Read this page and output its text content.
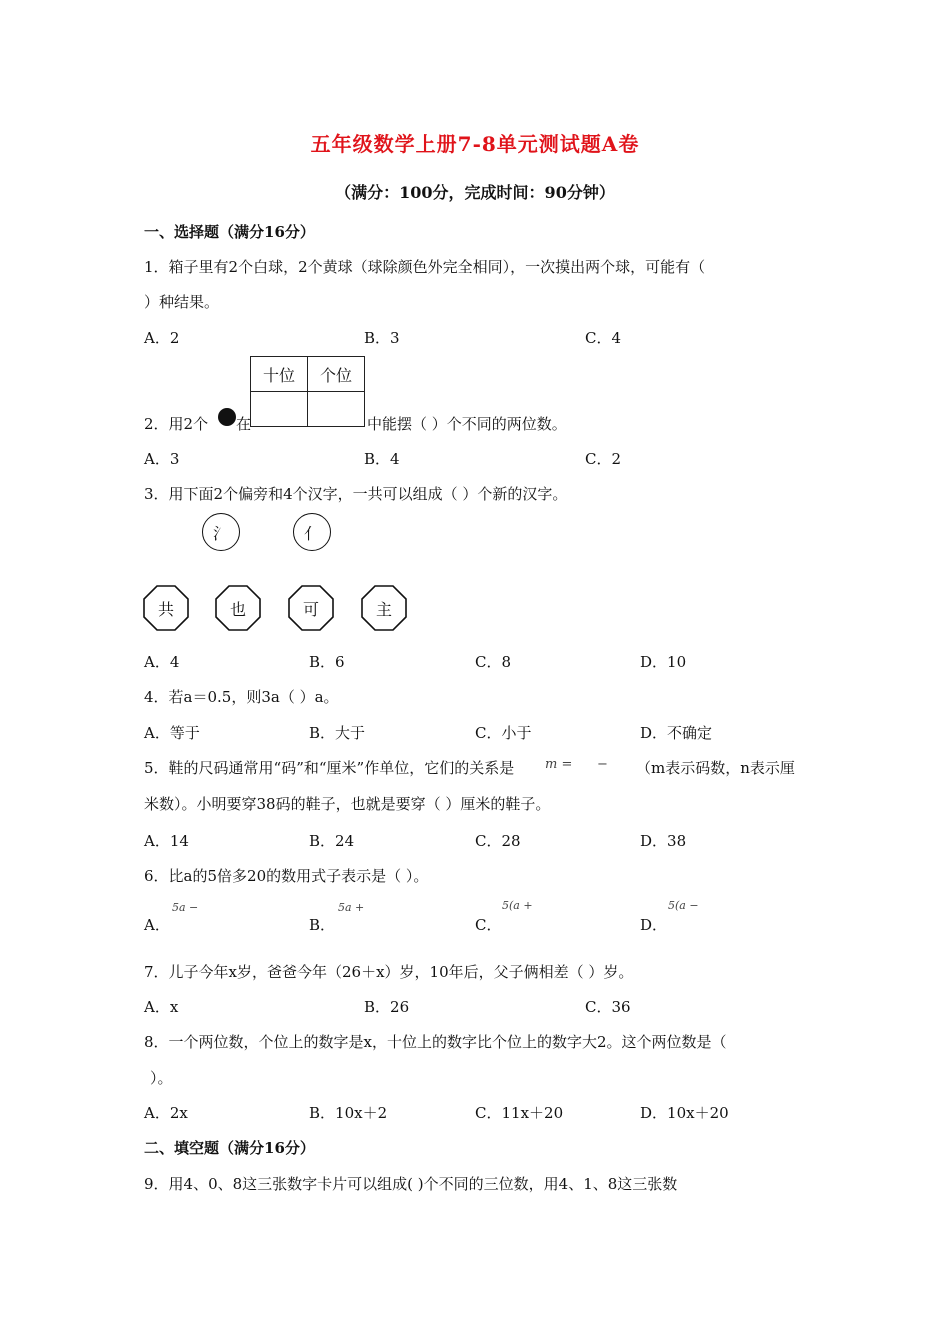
五年级数学上册7-8单元测试题A卷
（满分：100分，完成时间：90分钟）
一、选择题（满分16分）
1．箱子里有2个白球，2个黄球（球除颜色外完全相同），一次摸出两个球，可能有（
）种结果。
A．2	B．3	C．4
十位	个位

2．用2个 在	中能摆（ ）个不同的两位数。
A．3	B．4	C．2
3．用下面2个偏旁和4个汉字，一共可以组成（ ）个新的汉字。
氵	亻
共	也	可	主
A．4	B．6	C．8	D．10
4．若a＝0.5，则3a（ ）a。
A．等于	B．大于	C．小于	D．不确定
5．鞋的尺码通常用“码”和“厘米”作单位，它们的关系是 m = − （m表示码数，n表示厘
米数）。小明要穿38码的鞋子，也就是要穿（ ）厘米的鞋子。
A．14	B．24	C．28	D．38
6．比a的5倍多20的数用式子表示是（ ）。
A．
5a −
B．
5a +
C．
5(a +
D．
5(a −
7．儿子今年x岁，爸爸今年（26＋x）岁，10年后，父子俩相差（ ）岁。
A．x	B．26	C．36
8．一个两位数，个位上的数字是x，十位上的数字比个位上的数字大2。这个两位数是（
）。
A．2x	B．10x＋2	C．11x＋20	D．10x＋20
二、填空题（满分16分）
9．用4、0、8这三张数字卡片可以组成( )个不同的三位数，用4、1、8这三张数
